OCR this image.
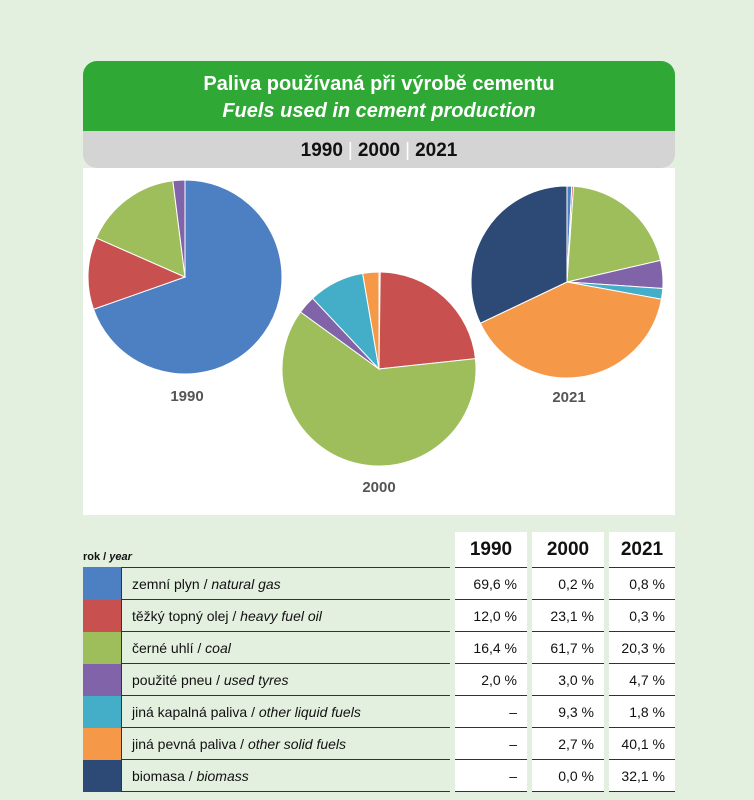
Paliva používaná při výrobě cementu
Fuels used in cement production
1990 | 2000 | 2021
1990
2000
2021
rok / year			1990		2000		2021
	zemní plyn / natural gas		69,6 %		0,2 %		0,8 %
	těžký topný olej / heavy fuel oil		12,0 %		23,1 %		0,3 %
	černé uhlí / coal		16,4 %		61,7 %		20,3 %
	použité pneu / used tyres		2,0 %		3,0 %		4,7 %
	jiná kapalná paliva / other liquid fuels		–		9,3 %		1,8 %
	jiná pevná paliva / other solid fuels		–		2,7 %		40,1 %
	biomasa / biomass		–		0,0 %		32,1 %
